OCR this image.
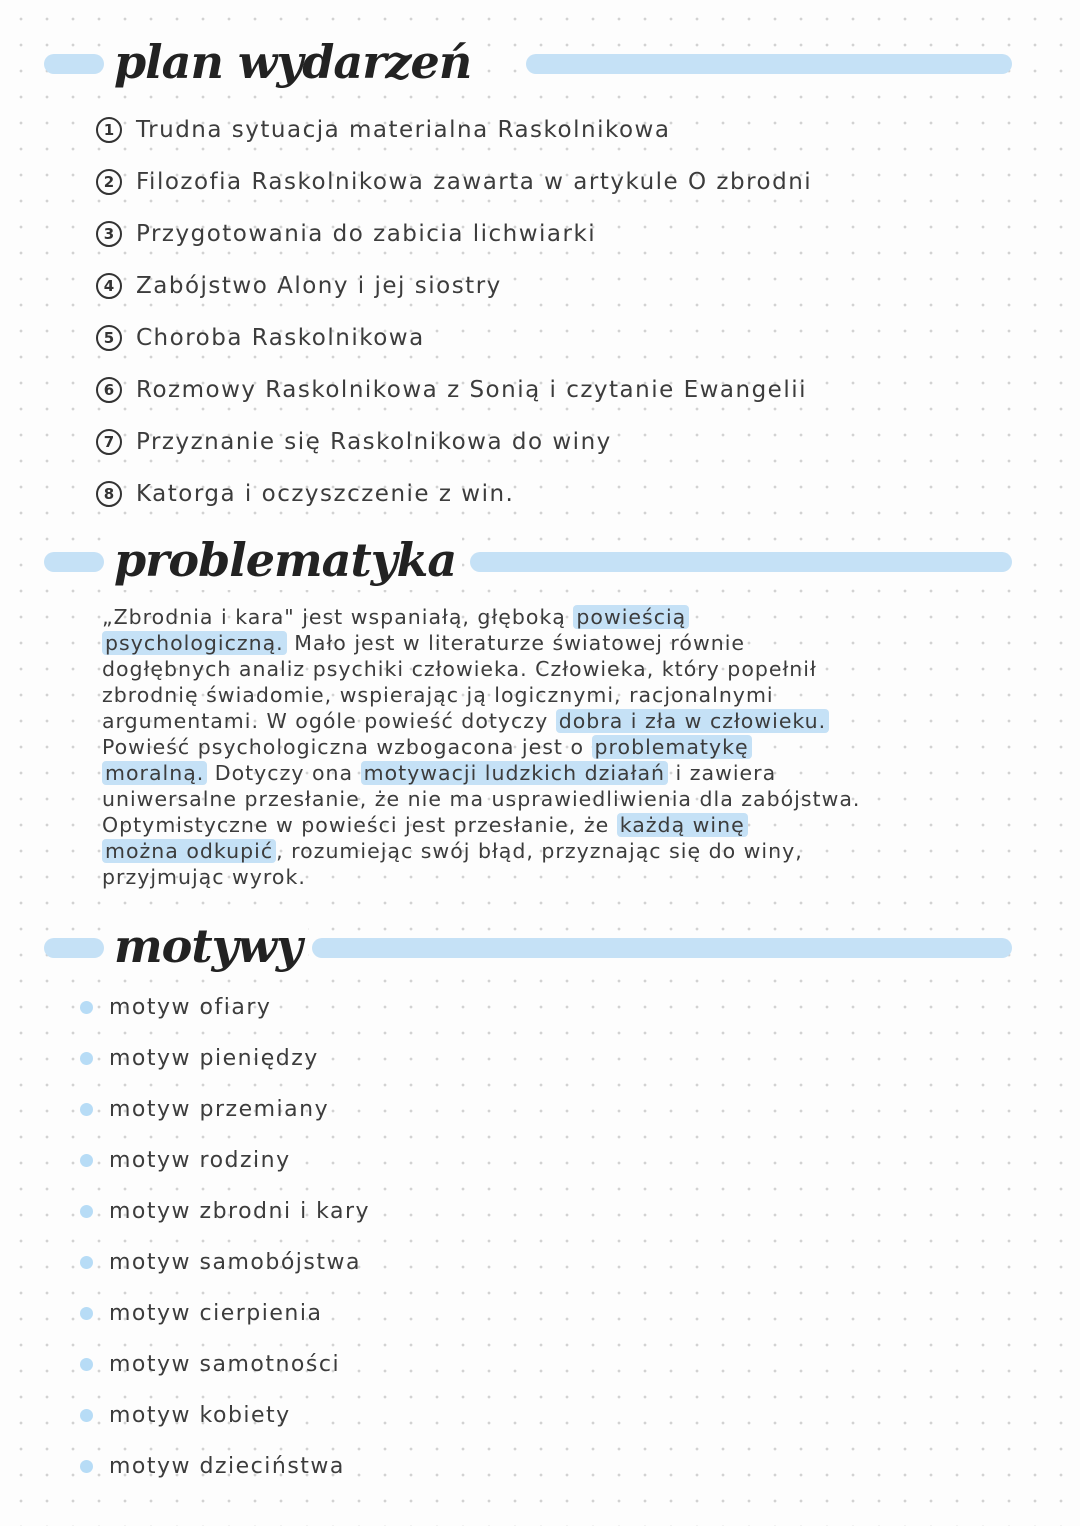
plan wydarzeń
1 Trudna sytuacja materialna Raskolnikowa
2 Filozofia Raskolnikowa zawarta w artykule O zbrodni
3 Przygotowania do zabicia lichwiarki
4 Zabójstwo Alony i jej siostry
5 Choroba Raskolnikowa
6 Rozmowy Raskolnikowa z Sonią i czytanie Ewangelii
7 Przyznanie się Raskolnikowa do winy
8 Katorga i oczyszczenie z win.
problematyka
„Zbrodnia i kara" jest wspaniałą, głęboką powieścią
psychologiczną. Mało jest w literaturze światowej równie
dogłębnych analiz psychiki człowieka. Człowieka, który popełnił
zbrodnię świadomie, wspierając ją logicznymi, racjonalnymi
argumentami. W ogóle powieść dotyczy dobra i zła w człowieku.
Powieść psychologiczna wzbogacona jest o problematykę
moralną. Dotyczy ona motywacji ludzkich działań i zawiera
uniwersalne przesłanie, że nie ma usprawiedliwienia dla zabójstwa.
Optymistyczne w powieści jest przesłanie, że każdą winę
można odkupić , rozumiejąc swój błąd, przyznając się do winy,
przyjmując wyrok.
motywy
motyw ofiary
motyw pieniędzy
motyw przemiany
motyw rodziny
motyw zbrodni i kary
motyw samobójstwa
motyw cierpienia
motyw samotności
motyw kobiety
motyw dzieciństwa
